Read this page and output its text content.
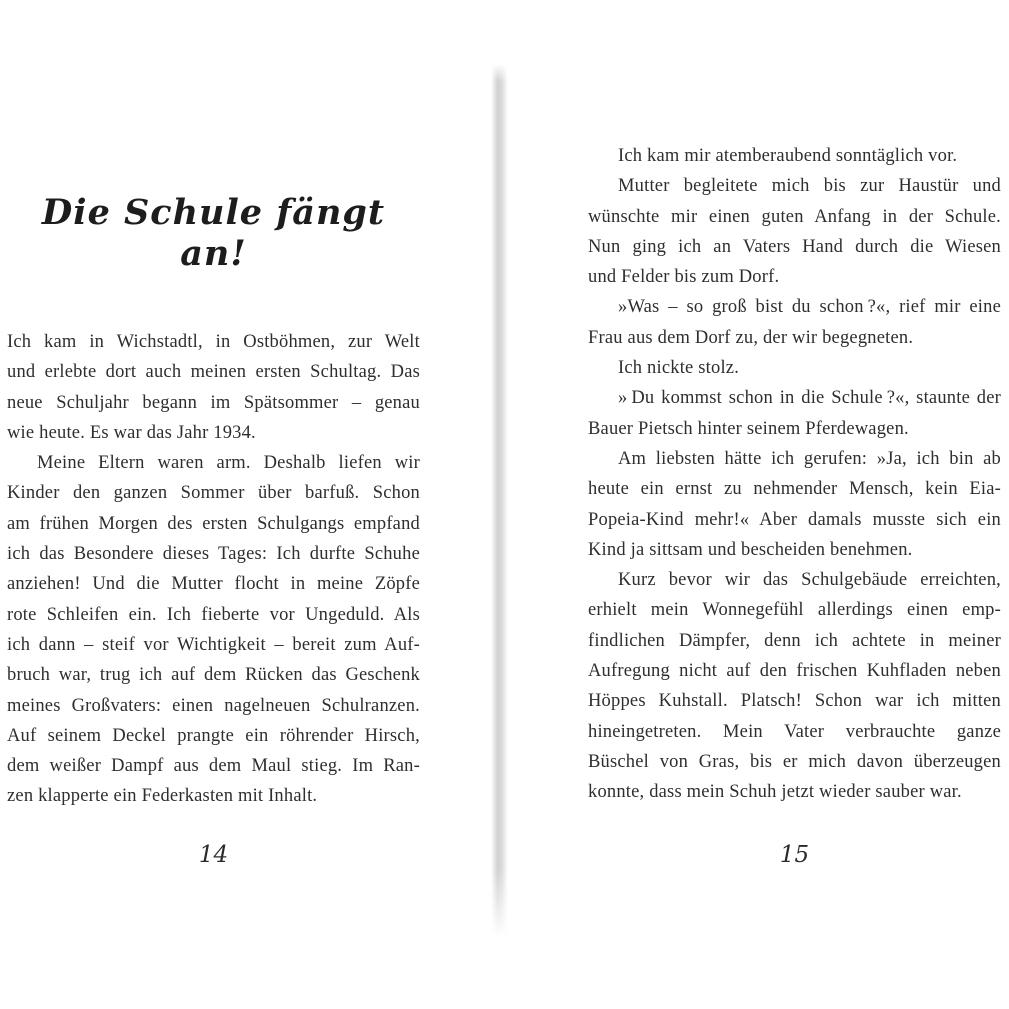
Die Schule fängt an!
Ich kam in Wichstadtl, in Ostböhmen, zur Welt
und erlebte dort auch meinen ersten Schultag. Das
neue Schuljahr begann im Spätsommer – genau
wie heute. Es war das Jahr 1934.
Meine Eltern waren arm. Deshalb liefen wir
Kinder den ganzen Sommer über barfuß. Schon
am frühen Morgen des ersten Schulgangs empfand
ich das Besondere dieses Tages: Ich durfte Schuhe
anziehen! Und die Mutter flocht in meine Zöpfe
rote Schleifen ein. Ich fieberte vor Ungeduld. Als
ich dann – steif vor Wichtigkeit – bereit zum Auf-
bruch war, trug ich auf dem Rücken das Geschenk
meines Großvaters: einen nagelneuen Schulranzen.
Auf seinem Deckel prangte ein röhrender Hirsch,
dem weißer Dampf aus dem Maul stieg. Im Ran-
zen klapperte ein Federkasten mit Inhalt.
14
Ich kam mir atemberaubend sonntäglich vor.
Mutter begleitete mich bis zur Haustür und
wünschte mir einen guten Anfang in der Schule.
Nun ging ich an Vaters Hand durch die Wiesen
und Felder bis zum Dorf.
»Was – so groß bist du schon ?«, rief mir eine
Frau aus dem Dorf zu, der wir begegneten.
Ich nickte stolz.
» Du kommst schon in die Schule ?«, staunte der
Bauer Pietsch hinter seinem Pferdewagen.
Am liebsten hätte ich gerufen: »Ja, ich bin ab
heute ein ernst zu nehmender Mensch, kein Eia-
Popeia-Kind mehr!« Aber damals musste sich ein
Kind ja sittsam und bescheiden benehmen.
Kurz bevor wir das Schulgebäude erreichten,
erhielt mein Wonnegefühl allerdings einen emp-
findlichen Dämpfer, denn ich achtete in meiner
Aufregung nicht auf den frischen Kuhfladen neben
Höppes Kuhstall. Platsch! Schon war ich mitten
hineingetreten. Mein Vater verbrauchte ganze
Büschel von Gras, bis er mich davon überzeugen
konnte, dass mein Schuh jetzt wieder sauber war.
15
